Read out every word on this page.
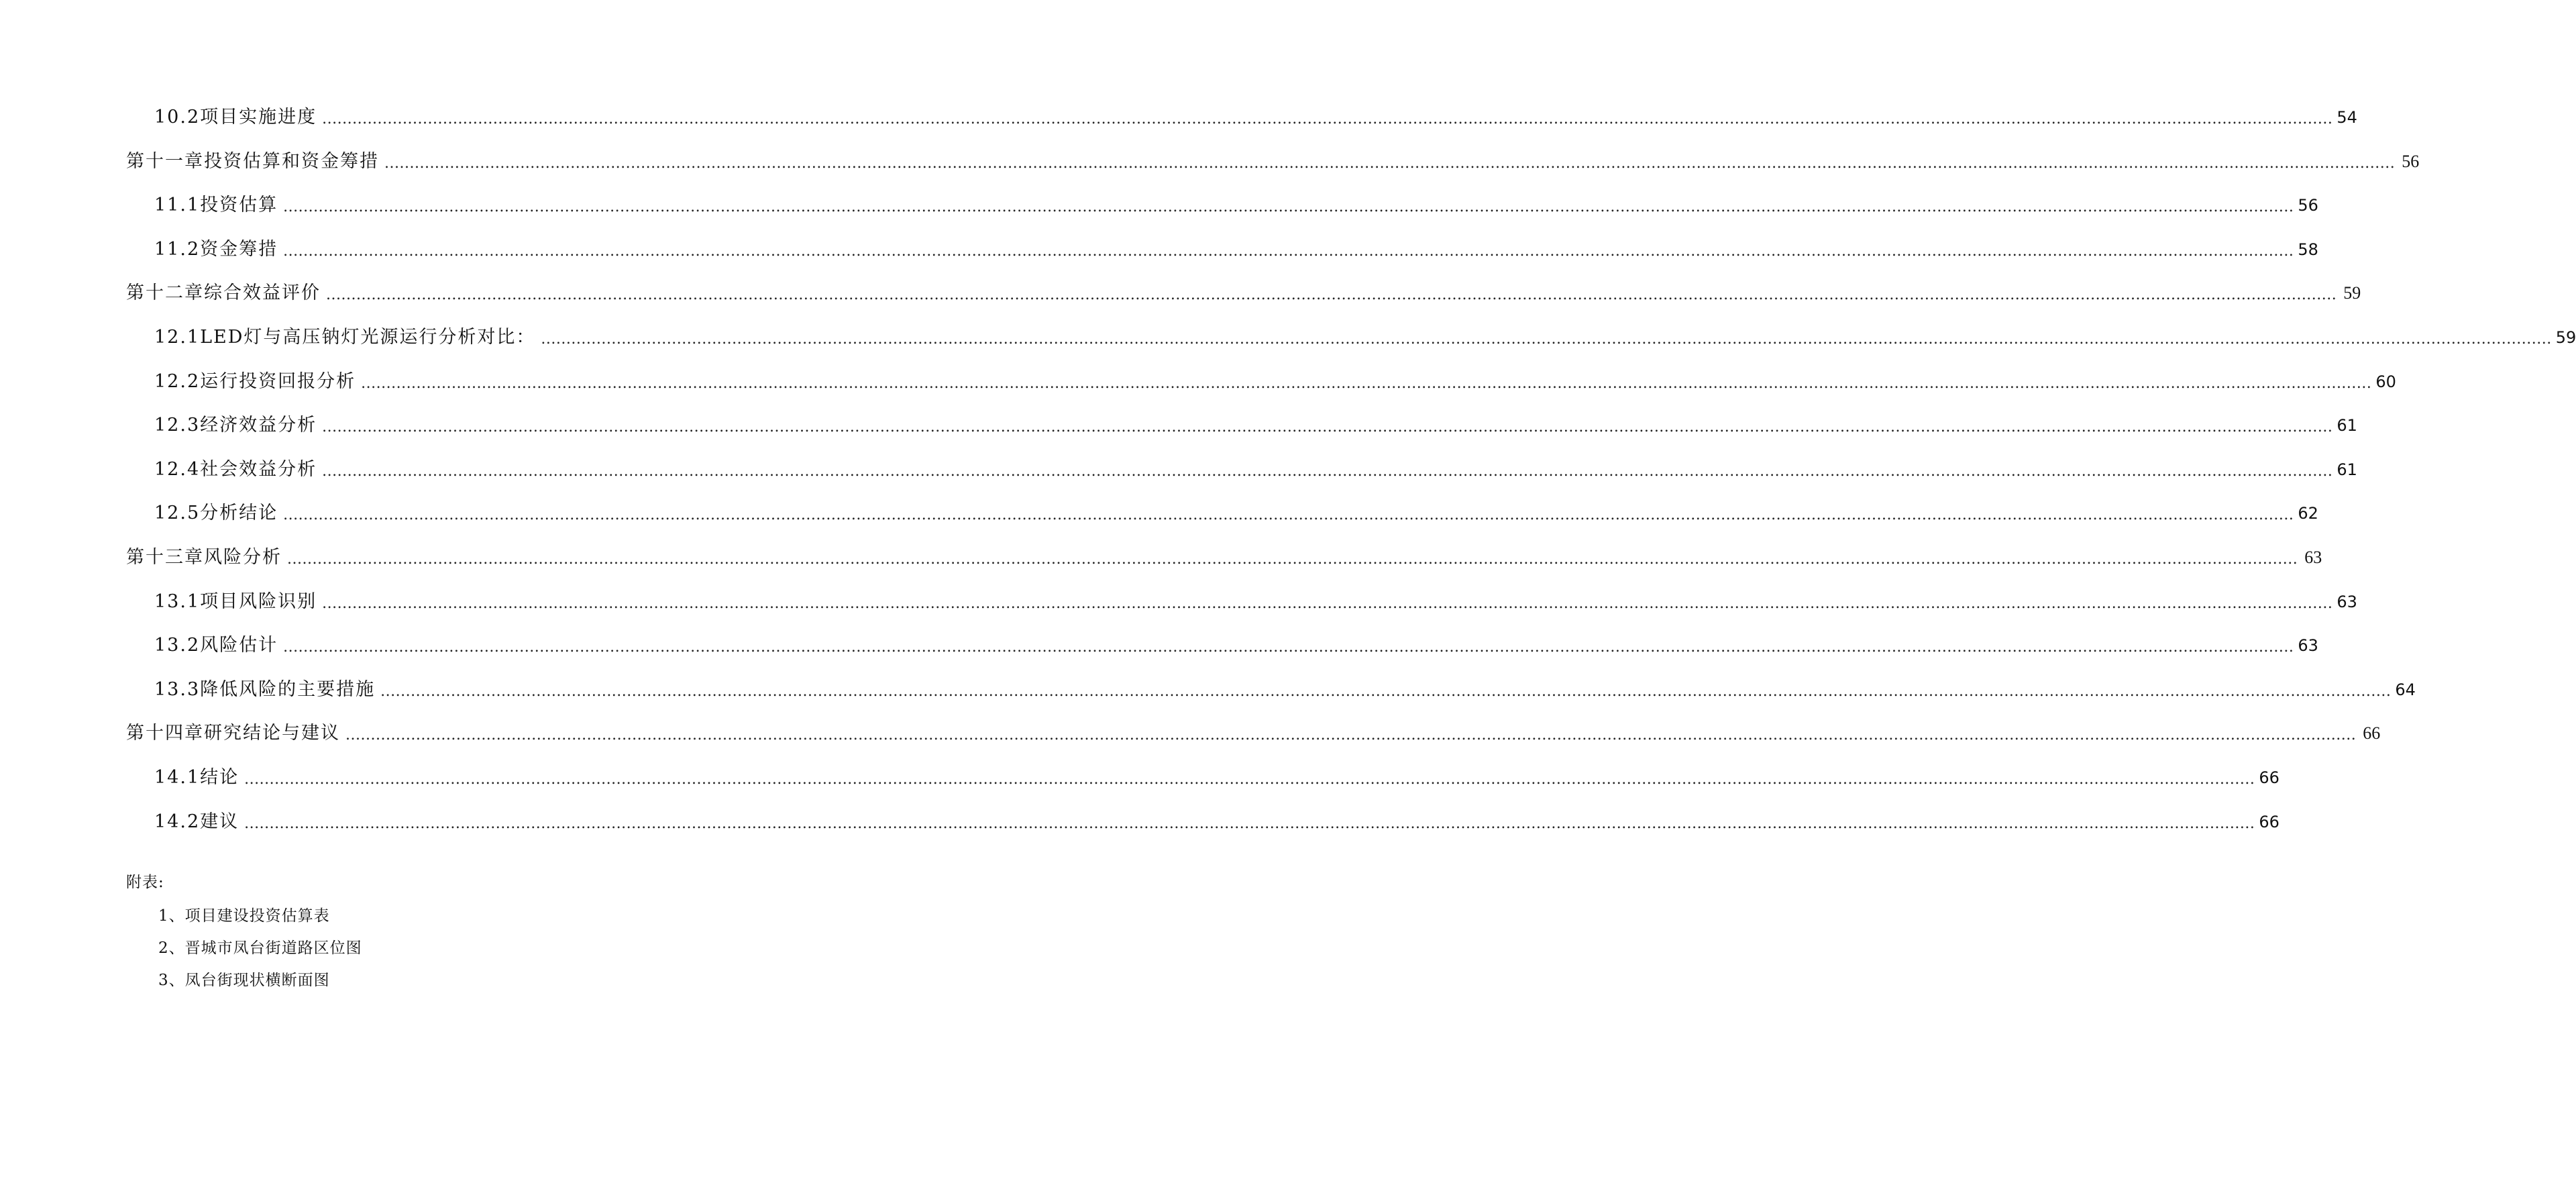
10.2 项目实施进度 ................................................................................................................................................................................................................................................................................................................................................................................................................ 54
第十一章 投资估算和资金筹措 ................................................................................................................................................................................................................................................................................................................................................................................................................ 56
11.1 投资估算 ................................................................................................................................................................................................................................................................................................................................................................................................................ 56
11.2 资金筹措 ................................................................................................................................................................................................................................................................................................................................................................................................................ 58
第十二章 综合效益评价 ................................................................................................................................................................................................................................................................................................................................................................................................................ 59
12.1 LED灯与高压钠灯光源运行分析对比： ................................................................................................................................................................................................................................................................................................................................................................................................................ 59
12.2 运行投资回报分析 ................................................................................................................................................................................................................................................................................................................................................................................................................ 60
12.3 经济效益分析 ................................................................................................................................................................................................................................................................................................................................................................................................................ 61
12.4 社会效益分析 ................................................................................................................................................................................................................................................................................................................................................................................................................ 61
12.5 分析结论 ................................................................................................................................................................................................................................................................................................................................................................................................................ 62
第十三章 风险分析 ................................................................................................................................................................................................................................................................................................................................................................................................................ 63
13.1 项目风险识别 ................................................................................................................................................................................................................................................................................................................................................................................................................ 63
13.2 风险估计 ................................................................................................................................................................................................................................................................................................................................................................................................................ 63
13.3 降低风险的主要措施 ................................................................................................................................................................................................................................................................................................................................................................................................................ 64
第十四章 研究结论与建议 ................................................................................................................................................................................................................................................................................................................................................................................................................ 66
14.1 结论 ................................................................................................................................................................................................................................................................................................................................................................................................................ 66
14.2 建议 ................................................................................................................................................................................................................................................................................................................................................................................................................ 66
附表:
1、项目建设投资估算表
2、晋城市凤台街道路区位图
3、凤台街现状横断面图
